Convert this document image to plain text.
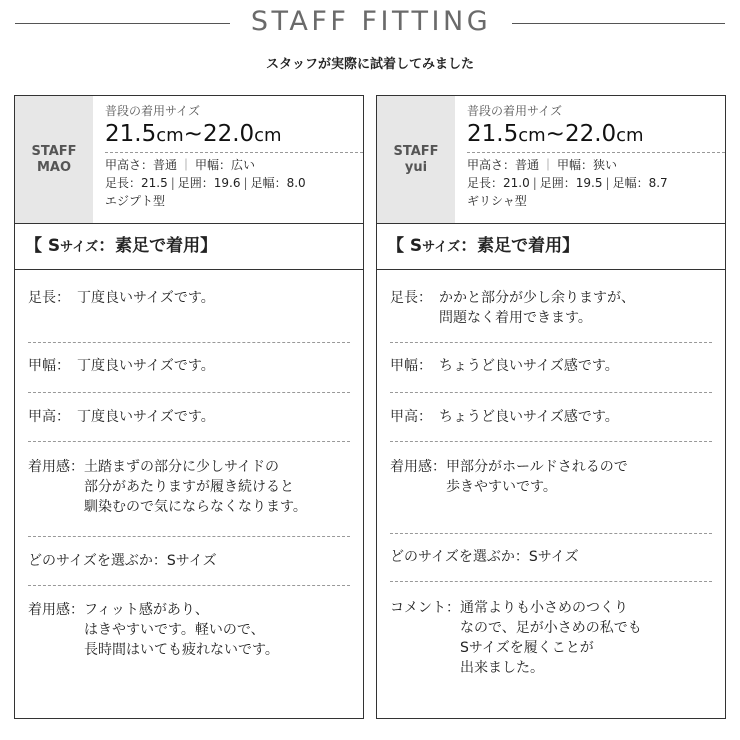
STAFF FITTING
スタッフが実際に試着してみました
STAFF
MAO
普段の着用サイズ
21.5cm~22.0cm
甲高さ：普通 ｜ 甲幅：広い
足長：21.5 | 足囲：19.6 | 足幅：8.0
エジプト型
【 Sサイズ：素足で着用】
足長：　 丁度良いサイズです。
甲幅：　 丁度良いサイズです。
甲高：　 丁度良いサイズです。
着用感： 土踏まずの部分に少しサイドの
部分があたりますが履き続けると
馴染むので気にならなくなります。
どのサイズを選ぶか： Sサイズ
着用感： フィット感があり、
はきやすいです。軽いので、
長時間はいても疲れないです。
STAFF
yui
普段の着用サイズ
21.5cm~22.0cm
甲高さ：普通 ｜ 甲幅：狭い
足長：21.0 | 足囲：19.5 | 足幅：8.7
ギリシャ型
【 Sサイズ：素足で着用】
足長：　 かかと部分が少し余りますが、
問題なく着用できます。
甲幅：　 ちょうど良いサイズ感です。
甲高：　 ちょうど良いサイズ感です。
着用感： 甲部分がホールドされるので
歩きやすいです。
どのサイズを選ぶか： Sサイズ
コメント： 通常よりも小さめのつくり
なので、足が小さめの私でも
Sサイズを履くことが
出来ました。
